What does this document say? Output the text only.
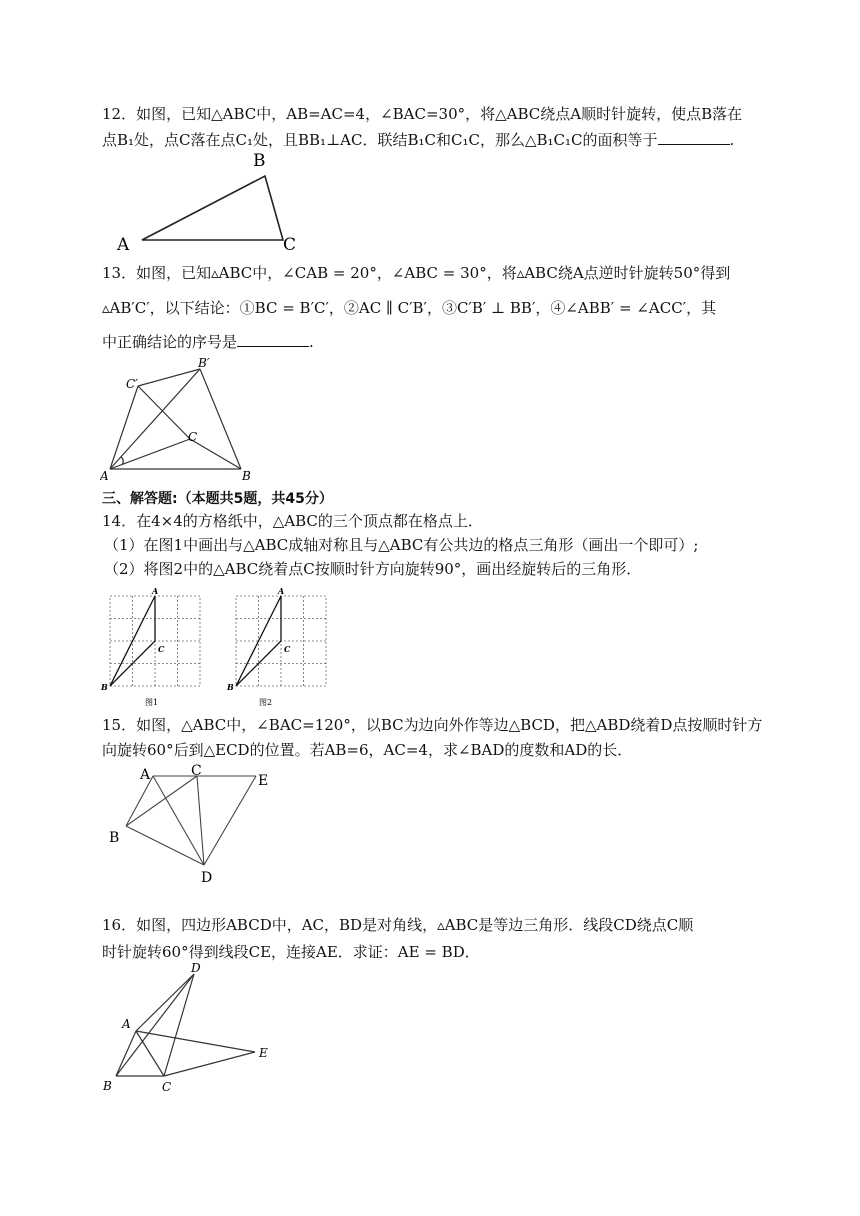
12．如图，已知△ABC中，AB=AC=4，∠BAC=30°，将△ABC绕点A顺时针旋转，使点B落在
点B₁处，点C落在点C₁处，且BB₁⊥AC．联结B₁C和C₁C，那么△B₁C₁C的面积等于	.
A
B
C
13．如图，已知▵ABC中，∠CAB = 20°，∠ABC = 30°，将▵ABC绕A点逆时针旋转50°得到
▵AB′C′，以下结论：①BC = B′C′，②AC ∥ C′B′，③C′B′ ⊥ BB′，④∠ABB′ = ∠ACC′，其
中正确结论的序号是	.
A	B
C
B′
C′
三、解答题:（本题共5题，共45分）
14．在4×4的方格纸中，△ABC的三个顶点都在格点上．
（1）在图1中画出与△ABC成轴对称且与△ABC有公共边的格点三角形（画出一个即可）;
（2）将图2中的△ABC绕着点C按顺时针方向旋转90°，画出经旋转后的三角形．
A
B
C
图1
A
B
C
图2
15．如图，△ABC中，∠BAC=120°，以BC为边向外作等边△BCD，把△ABD绕着D点按顺时针方
向旋转60°后到△ECD的位置。若AB=6，AC=4，求∠BAD的度数和AD的长．
A	C
E
B
D
16．如图，四边形ABCD中，AC，BD是对角线，▵ABC是等边三角形．线段CD绕点C顺
时针旋转60°得到线段CE，连接AE．求证：AE = BD．
D
A
B	C
E
